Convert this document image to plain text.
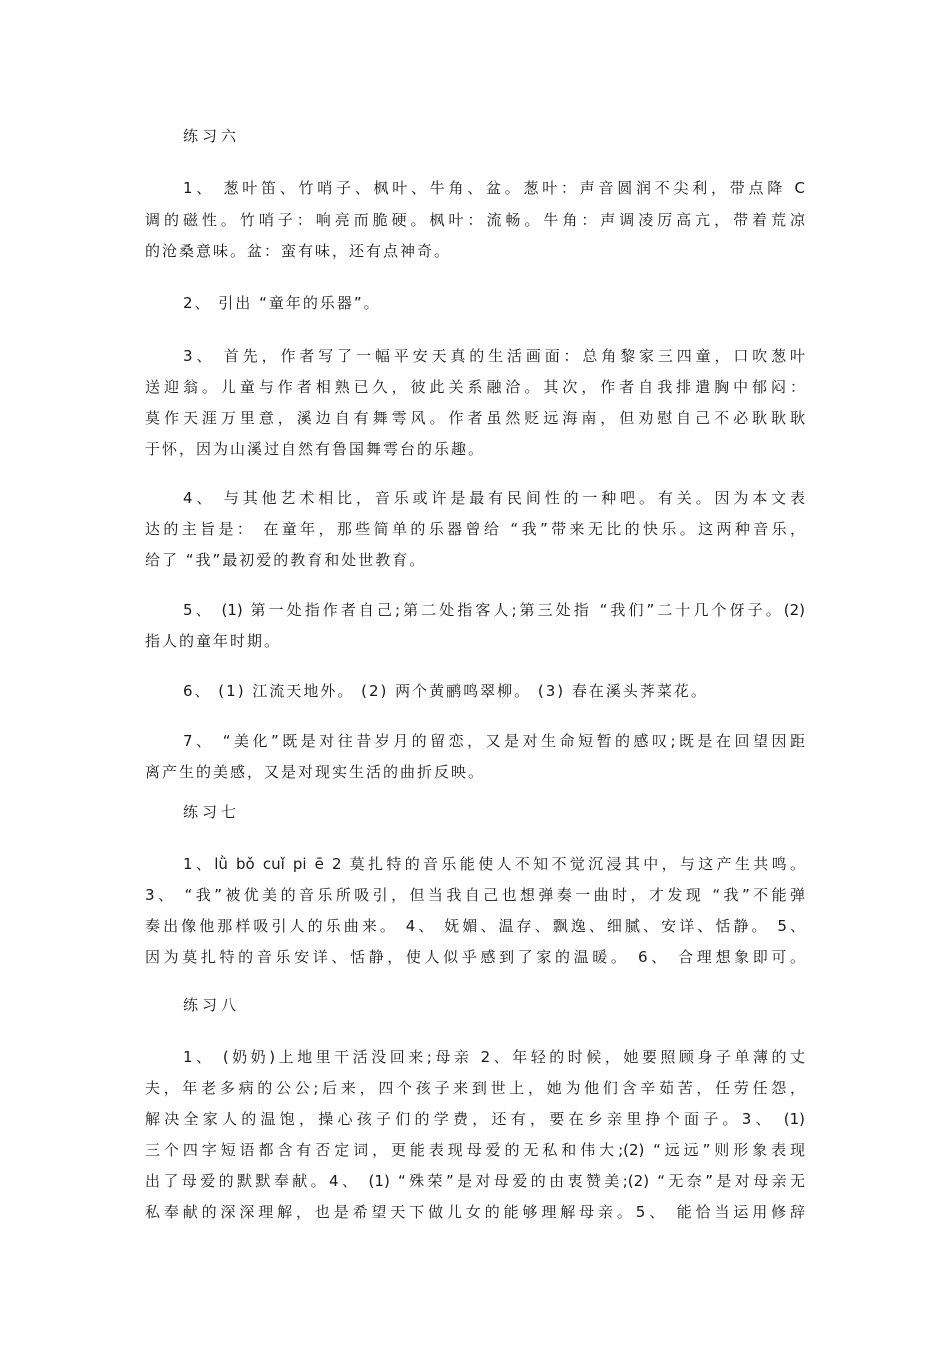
练习六
1、 葱叶笛、竹哨子、枫叶、牛角、盆。葱叶：声音圆润不尖利，带点降 C
调的磁性。竹哨子：响亮而脆硬。枫叶：流畅。牛角：声调凌厉高亢，带着荒凉
的沧桑意味。盆：蛮有味，还有点神奇。
2、 引出 “童年的乐器”。
3、 首先，作者写了一幅平安天真的生活画面：总角黎家三四童，口吹葱叶
送迎翁。儿童与作者相熟已久，彼此关系融洽。其次，作者自我排遣胸中郁闷：
莫作天涯万里意，溪边自有舞雩风。作者虽然贬远海南，但劝慰自己不必耿耿耿
于怀，因为山溪过自然有鲁国舞雩台的乐趣。
4、 与其他艺术相比，音乐或许是最有民间性的一种吧。有关。因为本文表
达的主旨是： 在童年，那些简单的乐器曾给 “我”带来无比的快乐。这两种音乐，
给了 “我”最初爱的教育和处世教育。
5、 (1) 第一处指作者自己;第二处指客人;第三处指 “我们”二十几个伢子。(2)
指人的童年时期。
6、 (1) 江流天地外。 (2) 两个黄鹂鸣翠柳。 (3) 春在溪头荠菜花。
7、 “美化”既是对往昔岁月的留恋，又是对生命短暂的感叹;既是在回望因距
离产生的美感，又是对现实生活的曲折反映。
练习七
1、lǜ bǒ cuǐ pi ē 2 莫扎特的音乐能使人不知不觉沉浸其中，与这产生共鸣。
3、 “我”被优美的音乐所吸引，但当我自己也想弹奏一曲时，才发现 “我”不能弹
奏出像他那样吸引人的乐曲来。 4、 妩媚、温存、飘逸、细腻、安详、恬静。 5、
因为莫扎特的音乐安详、恬静，使人似乎感到了家的温暖。 6、 合理想象即可。
练习八
1、 (奶奶)上地里干活没回来;母亲 2、年轻的时候，她要照顾身子单薄的丈
夫，年老多病的公公;后来，四个孩子来到世上，她为他们含辛茹苦，任劳任怨，
解决全家人的温饱，操心孩子们的学费，还有，要在乡亲里挣个面子。3、 (1)
三个四字短语都含有否定词，更能表现母爱的无私和伟大;(2) “远远”则形象表现
出了母爱的默默奉献。4、 (1) “殊荣”是对母爱的由衷赞美;(2) “无奈”是对母亲无
私奉献的深深理解，也是希望天下做儿女的能够理解母亲。5、 能恰当运用修辞
